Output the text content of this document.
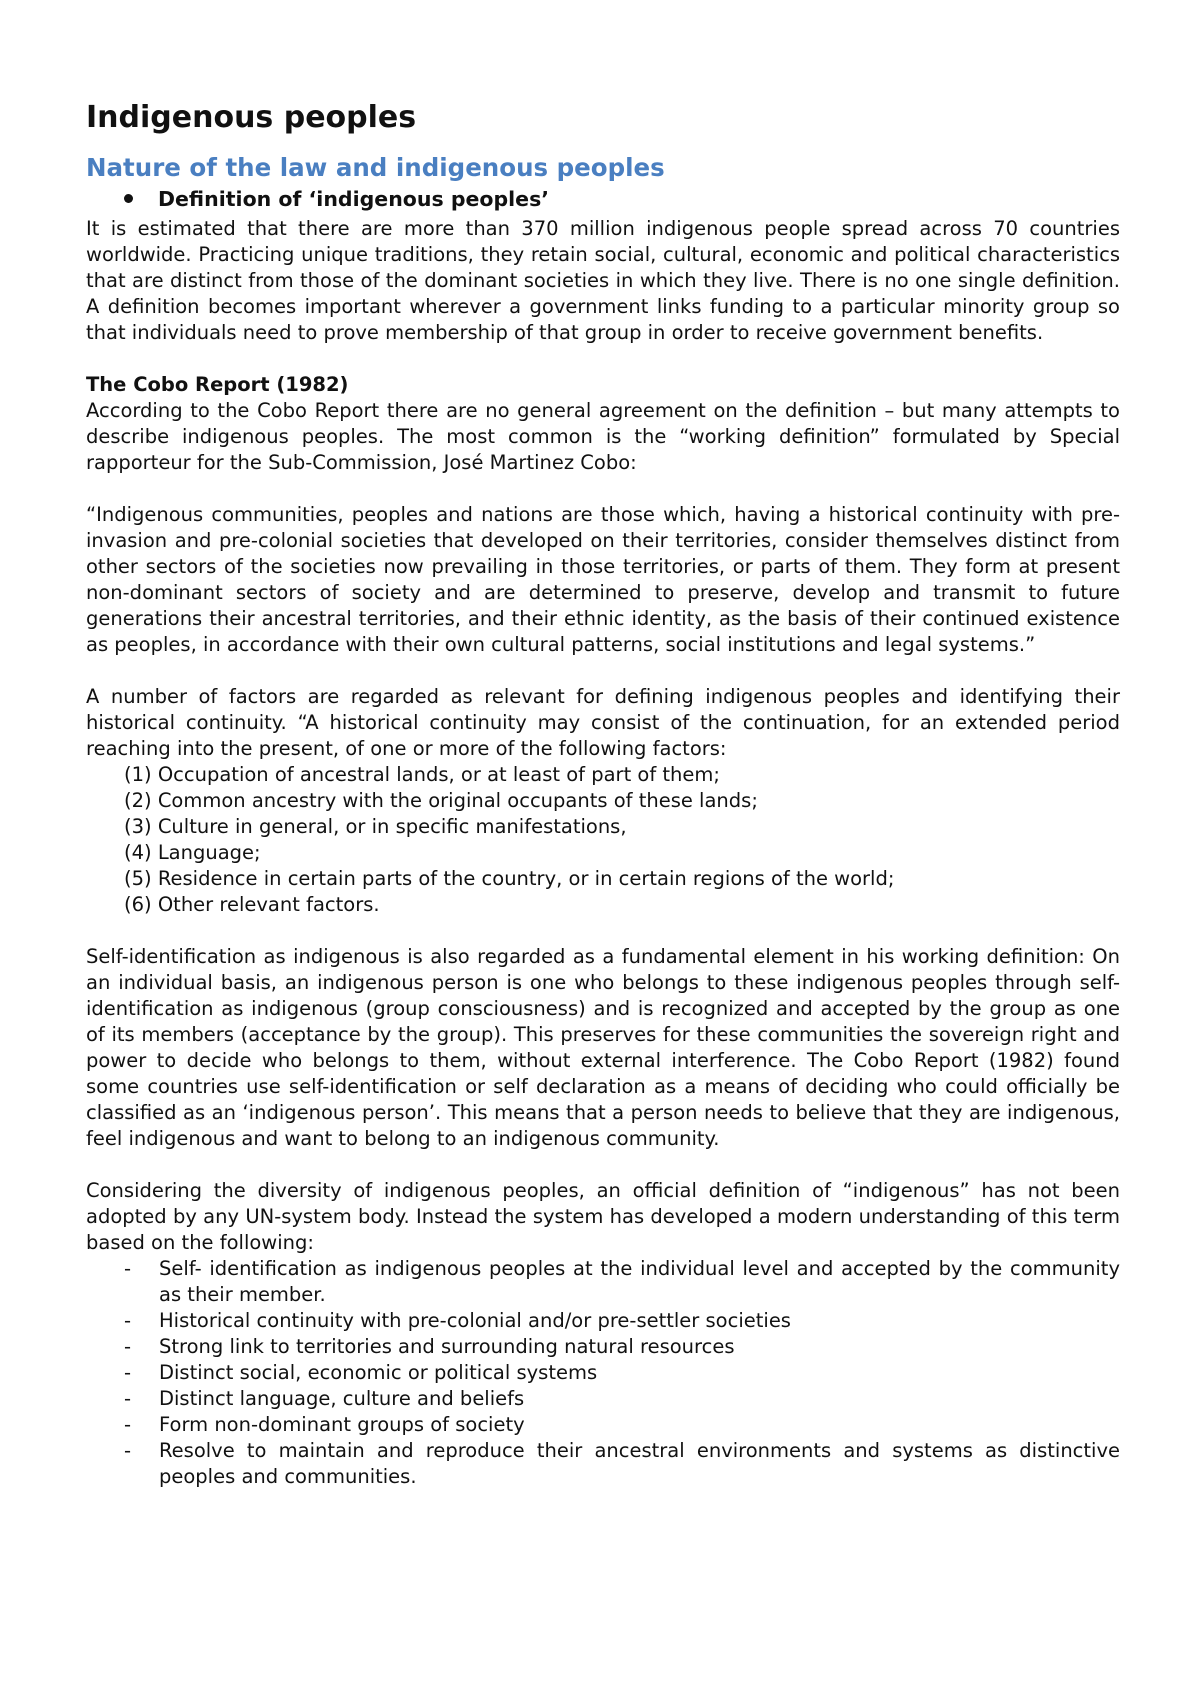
Indigenous peoples
Nature of the law and indigenous peoples
Definition of ‘indigenous peoples’

It is estimated that there are more than 370 million indigenous people spread across 70 countries worldwide. Practicing unique traditions, they retain social, cultural, economic and political characteristics that are distinct from those of the dominant societies in which they live. There is no one single definition. A definition becomes important wherever a government links funding to a particular minority group so that individuals need to prove membership of that group in order to receive government benefits.

The Cobo Report (1982)

According to the Cobo Report there are no general agreement on the definition – but many attempts to describe indigenous peoples. The most common is the “working definition” formulated by Special rapporteur for the Sub-Commission, José Martinez Cobo:

“Indigenous communities, peoples and nations are those which, having a historical continuity with pre-invasion and pre-colonial societies that developed on their territories, consider themselves distinct from other sectors of the societies now prevailing in those territories, or parts of them. They form at present non-dominant sectors of society and are determined to preserve, develop and transmit to future generations their ancestral territories, and their ethnic identity, as the basis of their continued existence as peoples, in accordance with their own cultural patterns, social institutions and legal systems.”

A number of factors are regarded as relevant for defining indigenous peoples and identifying their historical continuity. “A historical continuity may consist of the continuation, for an extended period reaching into the present, of one or more of the following factors:

(1) Occupation of ancestral lands, or at least of part of them;
(2) Common ancestry with the original occupants of these lands;
(3) Culture in general, or in specific manifestations,
(4) Language;
(5) Residence in certain parts of the country, or in certain regions of the world;
(6) Other relevant factors.

Self-identification as indigenous is also regarded as a fundamental element in his working definition: On an individual basis, an indigenous person is one who belongs to these indigenous peoples through self-identification as indigenous (group consciousness) and is recognized and accepted by the group as one of its members (acceptance by the group). This preserves for these communities the sovereign right and power to decide who belongs to them, without external interference. The Cobo Report (1982) found some countries use self-identification or self declaration as a means of deciding who could officially be classified as an ‘indigenous person’. This means that a person needs to believe that they are indigenous, feel indigenous and want to belong to an indigenous community.

Considering the diversity of indigenous peoples, an official definition of “indigenous” has not been adopted by any UN-system body. Instead the system has developed a modern understanding of this term based on the following:

- Self- identification as indigenous peoples at the individual level and accepted by the community as their member.
- Historical continuity with pre-colonial and/or pre-settler societies
- Strong link to territories and surrounding natural resources
- Distinct social, economic or political systems
- Distinct language, culture and beliefs
- Form non-dominant groups of society
- Resolve to maintain and reproduce their ancestral environments and systems as distinctive peoples and communities.
